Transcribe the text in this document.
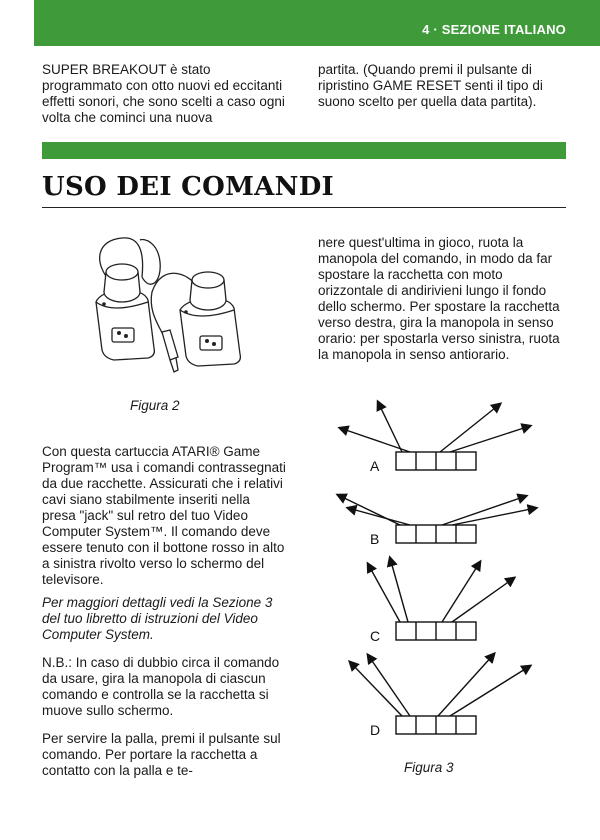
4 · SEZIONE ITALIANO

SUPER BREAKOUT è stato programmato con otto nuovi ed eccitanti effetti sonori, che sono scelti a caso ogni volta che cominci una nuova

partita. (Quando premi il pulsante di ripristino GAME RESET senti il tipo di suono scelto per quella data partita).

USO DEI COMANDI
Figura 2

nere quest'ultima in gioco, ruota la manopola del comando, in modo da far spostare la racchetta con moto orizzontale di andirivieni lungo il fondo dello schermo. Per spostare la racchetta verso destra, gira la manopola in senso orario: per spostarla verso sinistra, ruota la manopola in senso antiorario.

Con questa cartuccia ATARI® Game Program™ usa i comandi contrassegnati da due racchette. Assicurati che i relativi cavi siano stabilmente inseriti nella presa "jack" sul retro del tuo Video Computer System™. Il comando deve essere tenuto con il bottone rosso in alto a sinistra rivolto verso lo schermo del televisore.

Per maggiori dettagli vedi la Sezione 3 del tuo libretto di istruzioni del Video Computer System.

N.B.: In caso di dubbio circa il comando da usare, gira la manopola di ciascun comando e controlla se la racchetta si muove sullo schermo.

Per servire la palla, premi il pulsante sul comando. Per portare la racchetta a contatto con la palla e te-

A
B
C
D
Figura 3
